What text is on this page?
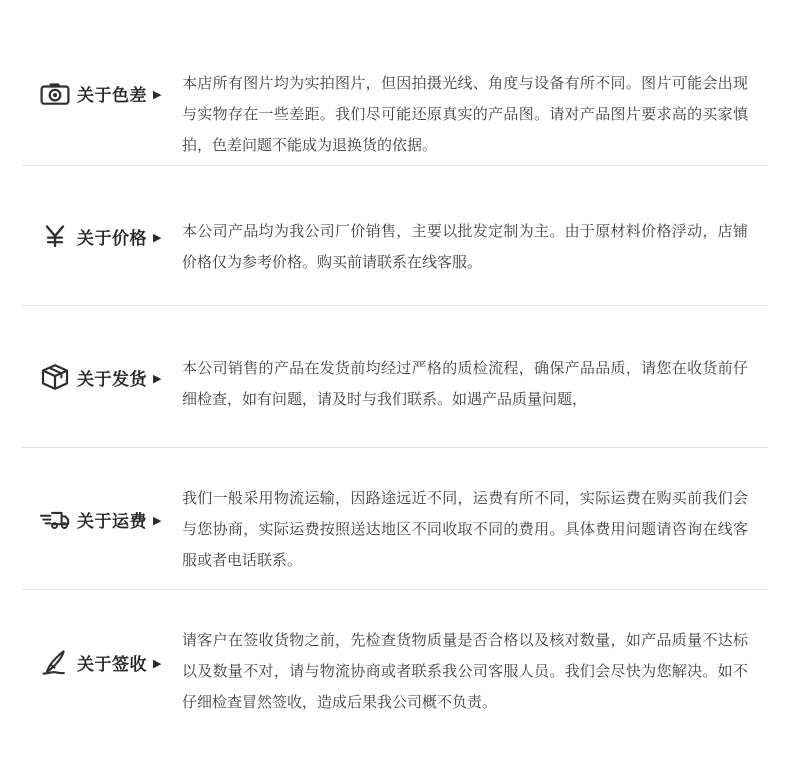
关于色差 ▶
本店所有图片均为实拍图片，但因拍摄光线、角度与设备有所不同。图片可能会出现与实物存在一些差距。我们尽可能还原真实的产品图。请对产品图片要求高的买家慎拍，色差问题不能成为退换货的依据。
关于价格 ▶ 本公司产品均为我公司厂价销售，主要以批发定制为主。由于原材料价格浮动，店铺价格仅为参考价格。购买前请联系在线客服。
关于发货 ▶
本公司销售的产品在发货前均经过严格的质检流程，确保产品品质，请您在收货前仔细检查，如有问题，请及时与我们联系。如遇产品质量问题，
关于运费 ▶
我们一般采用物流运输，因路途远近不同，运费有所不同，实际运费在购买前我们会与您协商，实际运费按照送达地区不同收取不同的费用。具体费用问题请咨询在线客服或者电话联系。
关于签收 ▶
请客户在签收货物之前，先检查货物质量是否合格以及核对数量，如产品质量不达标以及数量不对，请与物流协商或者联系我公司客服人员。我们会尽快为您解决。如不仔细检查冒然签收，造成后果我公司概不负责。
